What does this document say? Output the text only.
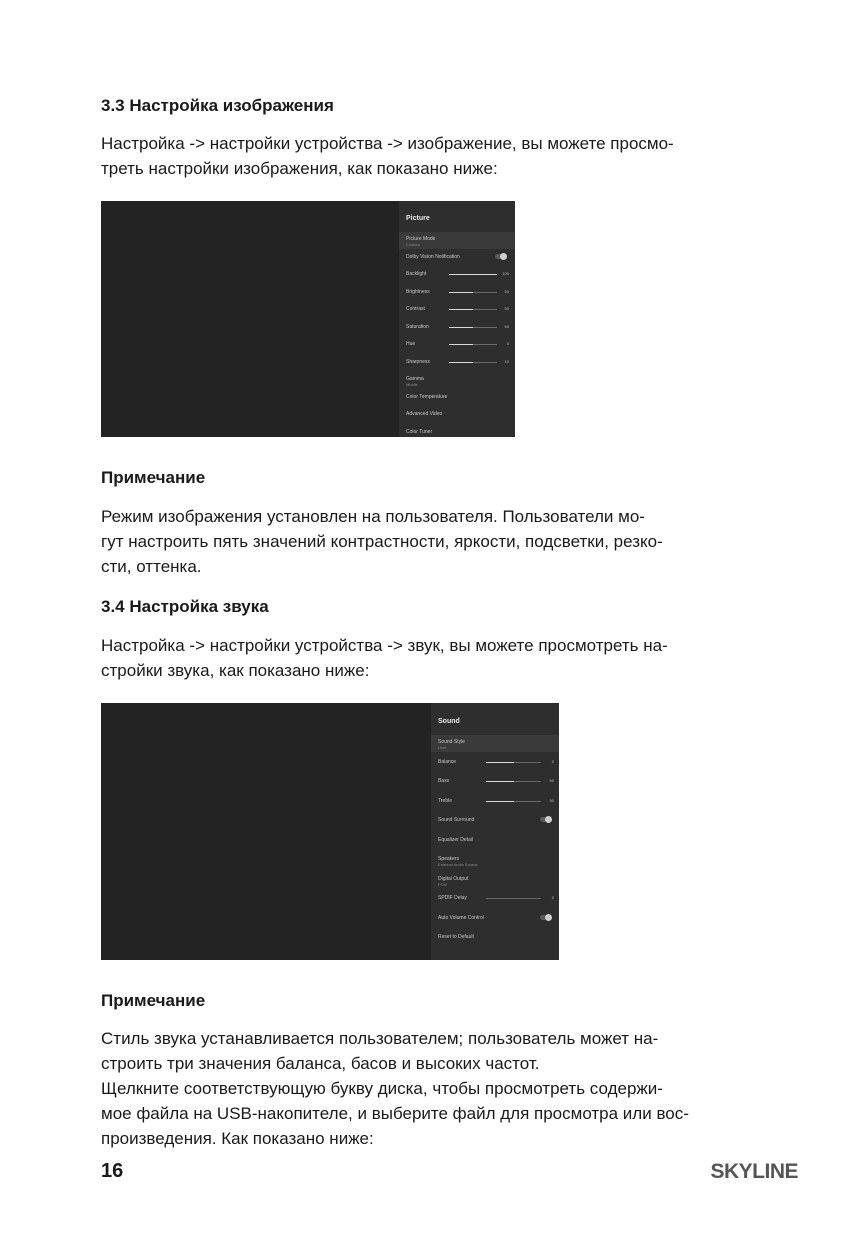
3.3 Настройка изображения

Настройка -> настройки устройства -> изображение, вы можете просмо-
треть настройки изображения, как показано ниже:

Picture
Picture Mode
Custom
Dolby Vision Notification
Backlight	100
Brightness	50
Contrast	50
Saturation	50
Hue	0
Sharpness	10
Gamma
Middle
Color Temperature
Advanced Video
Color Tuner
Примечание

Режим изображения установлен на пользователя. Пользователи мо-
гут настроить пять значений контрастности, яркости, подсветки, резко-
сти, оттенка.

3.4 Настройка звука

Настройка -> настройки устройства -> звук, вы можете просмотреть на-
стройки звука, как показано ниже:

Sound
Sound Style
User
Balance	0
Bass	50
Treble	50
Sound Surround
Equalizer Detail
Speakers
External Audio Source
Digital Output
PCM
SPDIF Delay	0
Auto Volume Control
Reset to Default
Примечание

Стиль звука устанавливается пользователем; пользователь может на-
строить три значения баланса, басов и высоких частот.
Щелкните соответствующую букву диска, чтобы просмотреть содержи-
мое файла на USB-накопителе, и выберите файл для просмотра или вос-
произведения. Как показано ниже:

16	SKYLINE
